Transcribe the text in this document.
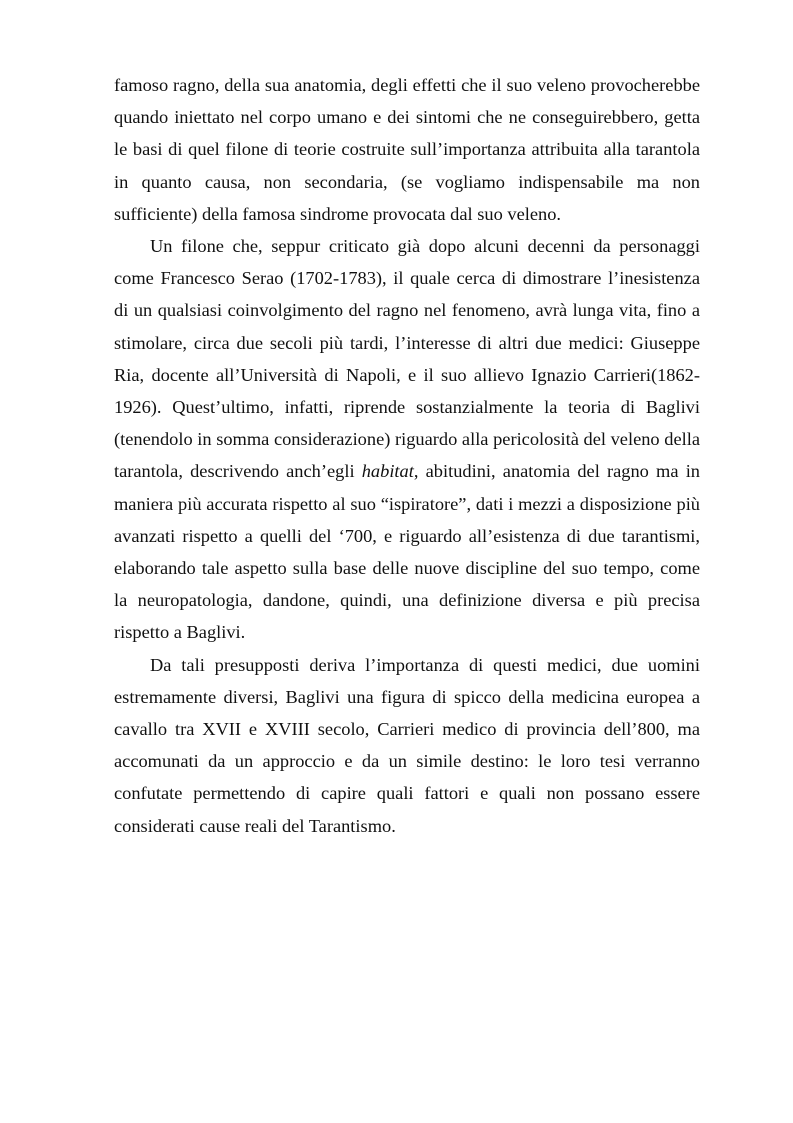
famoso ragno, della sua anatomia, degli effetti che il suo veleno provocherebbe quando iniettato nel corpo umano e dei sintomi che ne conseguirebbero, getta le basi di quel filone di teorie costruite sull’importanza attribuita alla tarantola in quanto causa, non secondaria, (se vogliamo indispensabile ma non sufficiente) della famosa sindrome provocata dal suo veleno.

Un filone che, seppur criticato già dopo alcuni decenni da personaggi come Francesco Serao (1702-1783), il quale cerca di dimostrare l’inesistenza di un qualsiasi coinvolgimento del ragno nel fenomeno, avrà lunga vita, fino a stimolare, circa due secoli più tardi, l’interesse di altri due medici: Giuseppe Ria, docente all’Università di Napoli, e il suo allievo Ignazio Carrieri(1862-1926). Quest’ultimo, infatti, riprende sostanzialmente la teoria di Baglivi (tenendolo in somma considerazione) riguardo alla pericolosità del veleno della tarantola, descrivendo anch’egli habitat, abitudini, anatomia del ragno ma in maniera più accurata rispetto al suo “ispiratore”, dati i mezzi a disposizione più avanzati rispetto a quelli del ‘700, e riguardo all’esistenza di due tarantismi, elaborando tale aspetto sulla base delle nuove discipline del suo tempo, come la neuropatologia, dandone, quindi, una definizione diversa e più precisa rispetto a Baglivi.

Da tali presupposti deriva l’importanza di questi medici, due uomini estremamente diversi, Baglivi una figura di spicco della medicina europea a cavallo tra XVII e XVIII secolo, Carrieri medico di provincia dell’800, ma accomunati da un approccio e da un simile destino: le loro tesi verranno confutate permettendo di capire quali fattori e quali non possano essere considerati cause reali del Tarantismo.
